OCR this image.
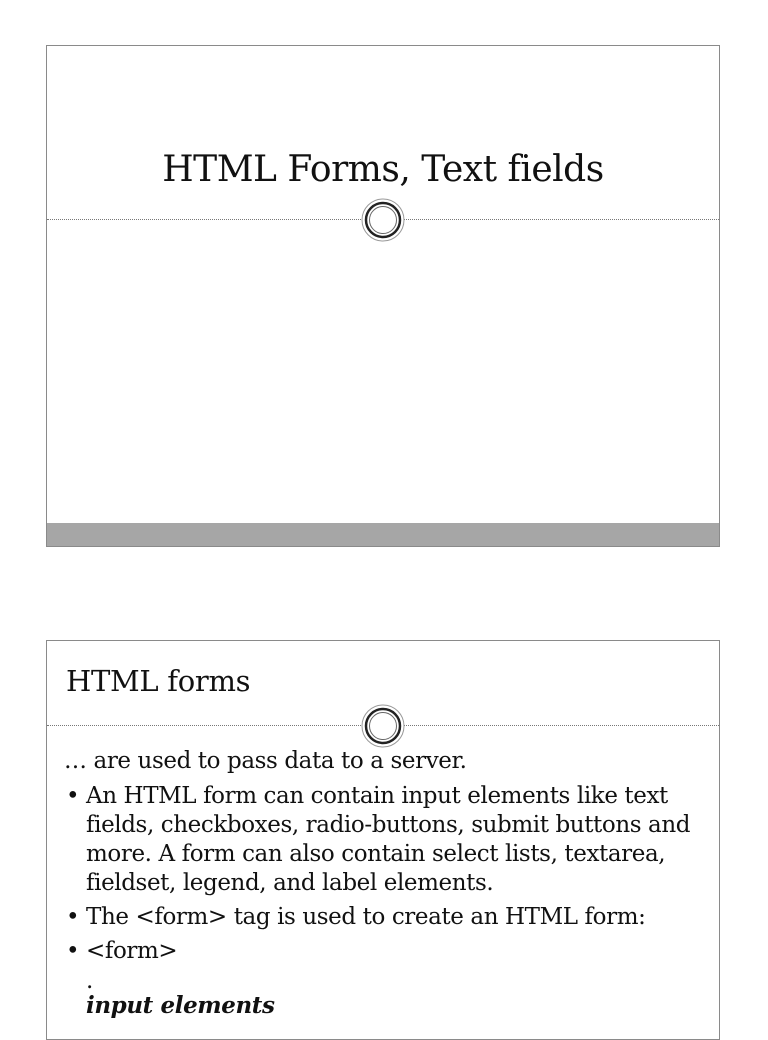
HTML Forms, Text fields
HTML forms
… are used to pass data to a server.
• An HTML form can contain input elements like text fields, checkboxes, radio-buttons, submit buttons and more. A form can also contain select lists, textarea, fieldset, legend, and label elements.
• The <form> tag is used to create an HTML form:
• <form>
.
input elements
